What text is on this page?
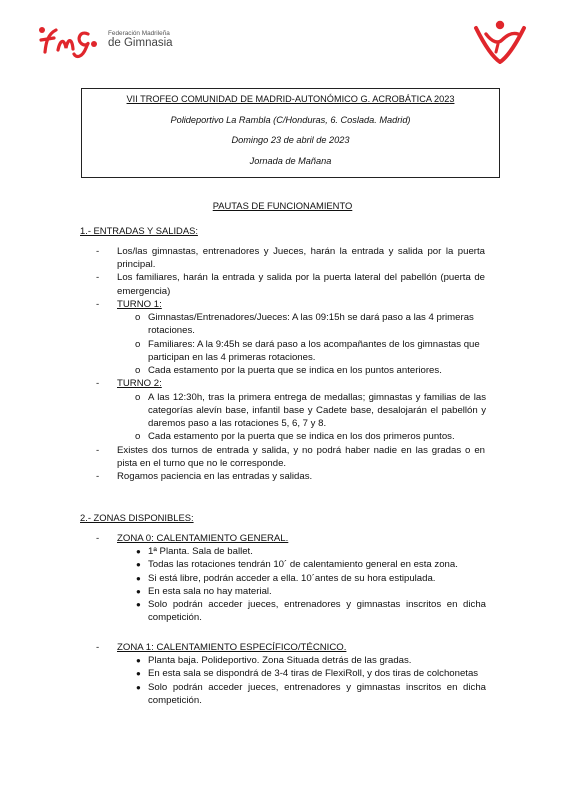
Federación Madrileña
de Gimnasia
VII TROFEO COMUNIDAD DE MADRID-AUTONÓMICO G. ACROBÁTICA 2023
Polideportivo La Rambla (C/Honduras, 6. Coslada. Madrid)
Domingo 23 de abril de 2023
Jornada de Mañana
PAUTAS DE FUNCIONAMIENTO
1.- ENTRADAS Y SALIDAS:
- Los/las gimnastas, entrenadores y Jueces, harán la entrada y salida por la puerta principal.
- Los familiares, harán la entrada y salida por la puerta lateral del pabellón (puerta de emergencia)
- TURNO 1:
o Gimnastas/Entrenadores/Jueces: A las 09:15h se dará paso a las 4 primeras rotaciones.
o Familiares: A la 9:45h se dará paso a los acompañantes de los gimnastas que participan en las 4 primeras rotaciones.
o Cada estamento por la puerta que se indica en los puntos anteriores.
- TURNO 2:
o A las 12:30h, tras la primera entrega de medallas; gimnastas y familias de las categorías alevín base, infantil base y Cadete base, desalojarán el pabellón y daremos paso a las rotaciones 5, 6, 7 y 8.
o Cada estamento por la puerta que se indica en los dos primeros puntos.
- Existes dos turnos de entrada y salida, y no podrá haber nadie en las gradas o en pista en el turno que no le corresponde.
- Rogamos paciencia en las entradas y salidas.
2.- ZONAS DISPONIBLES:
- ZONA 0: CALENTAMIENTO GENERAL.
● 1ª Planta. Sala de ballet.
● Todas las rotaciones tendrán 10´ de calentamiento general en esta zona.
● Si está libre, podrán acceder a ella. 10´antes de su hora estipulada.
● En esta sala no hay material.
● Solo podrán acceder jueces, entrenadores y gimnastas inscritos en dicha competición.
- ZONA 1: CALENTAMIENTO ESPECÍFICO/TÉCNICO.
● Planta baja. Polideportivo. Zona Situada detrás de las gradas.
● En esta sala se dispondrá de 3-4 tiras de FlexiRoll, y dos tiras de colchonetas
● Solo podrán acceder jueces, entrenadores y gimnastas inscritos en dicha competición.
